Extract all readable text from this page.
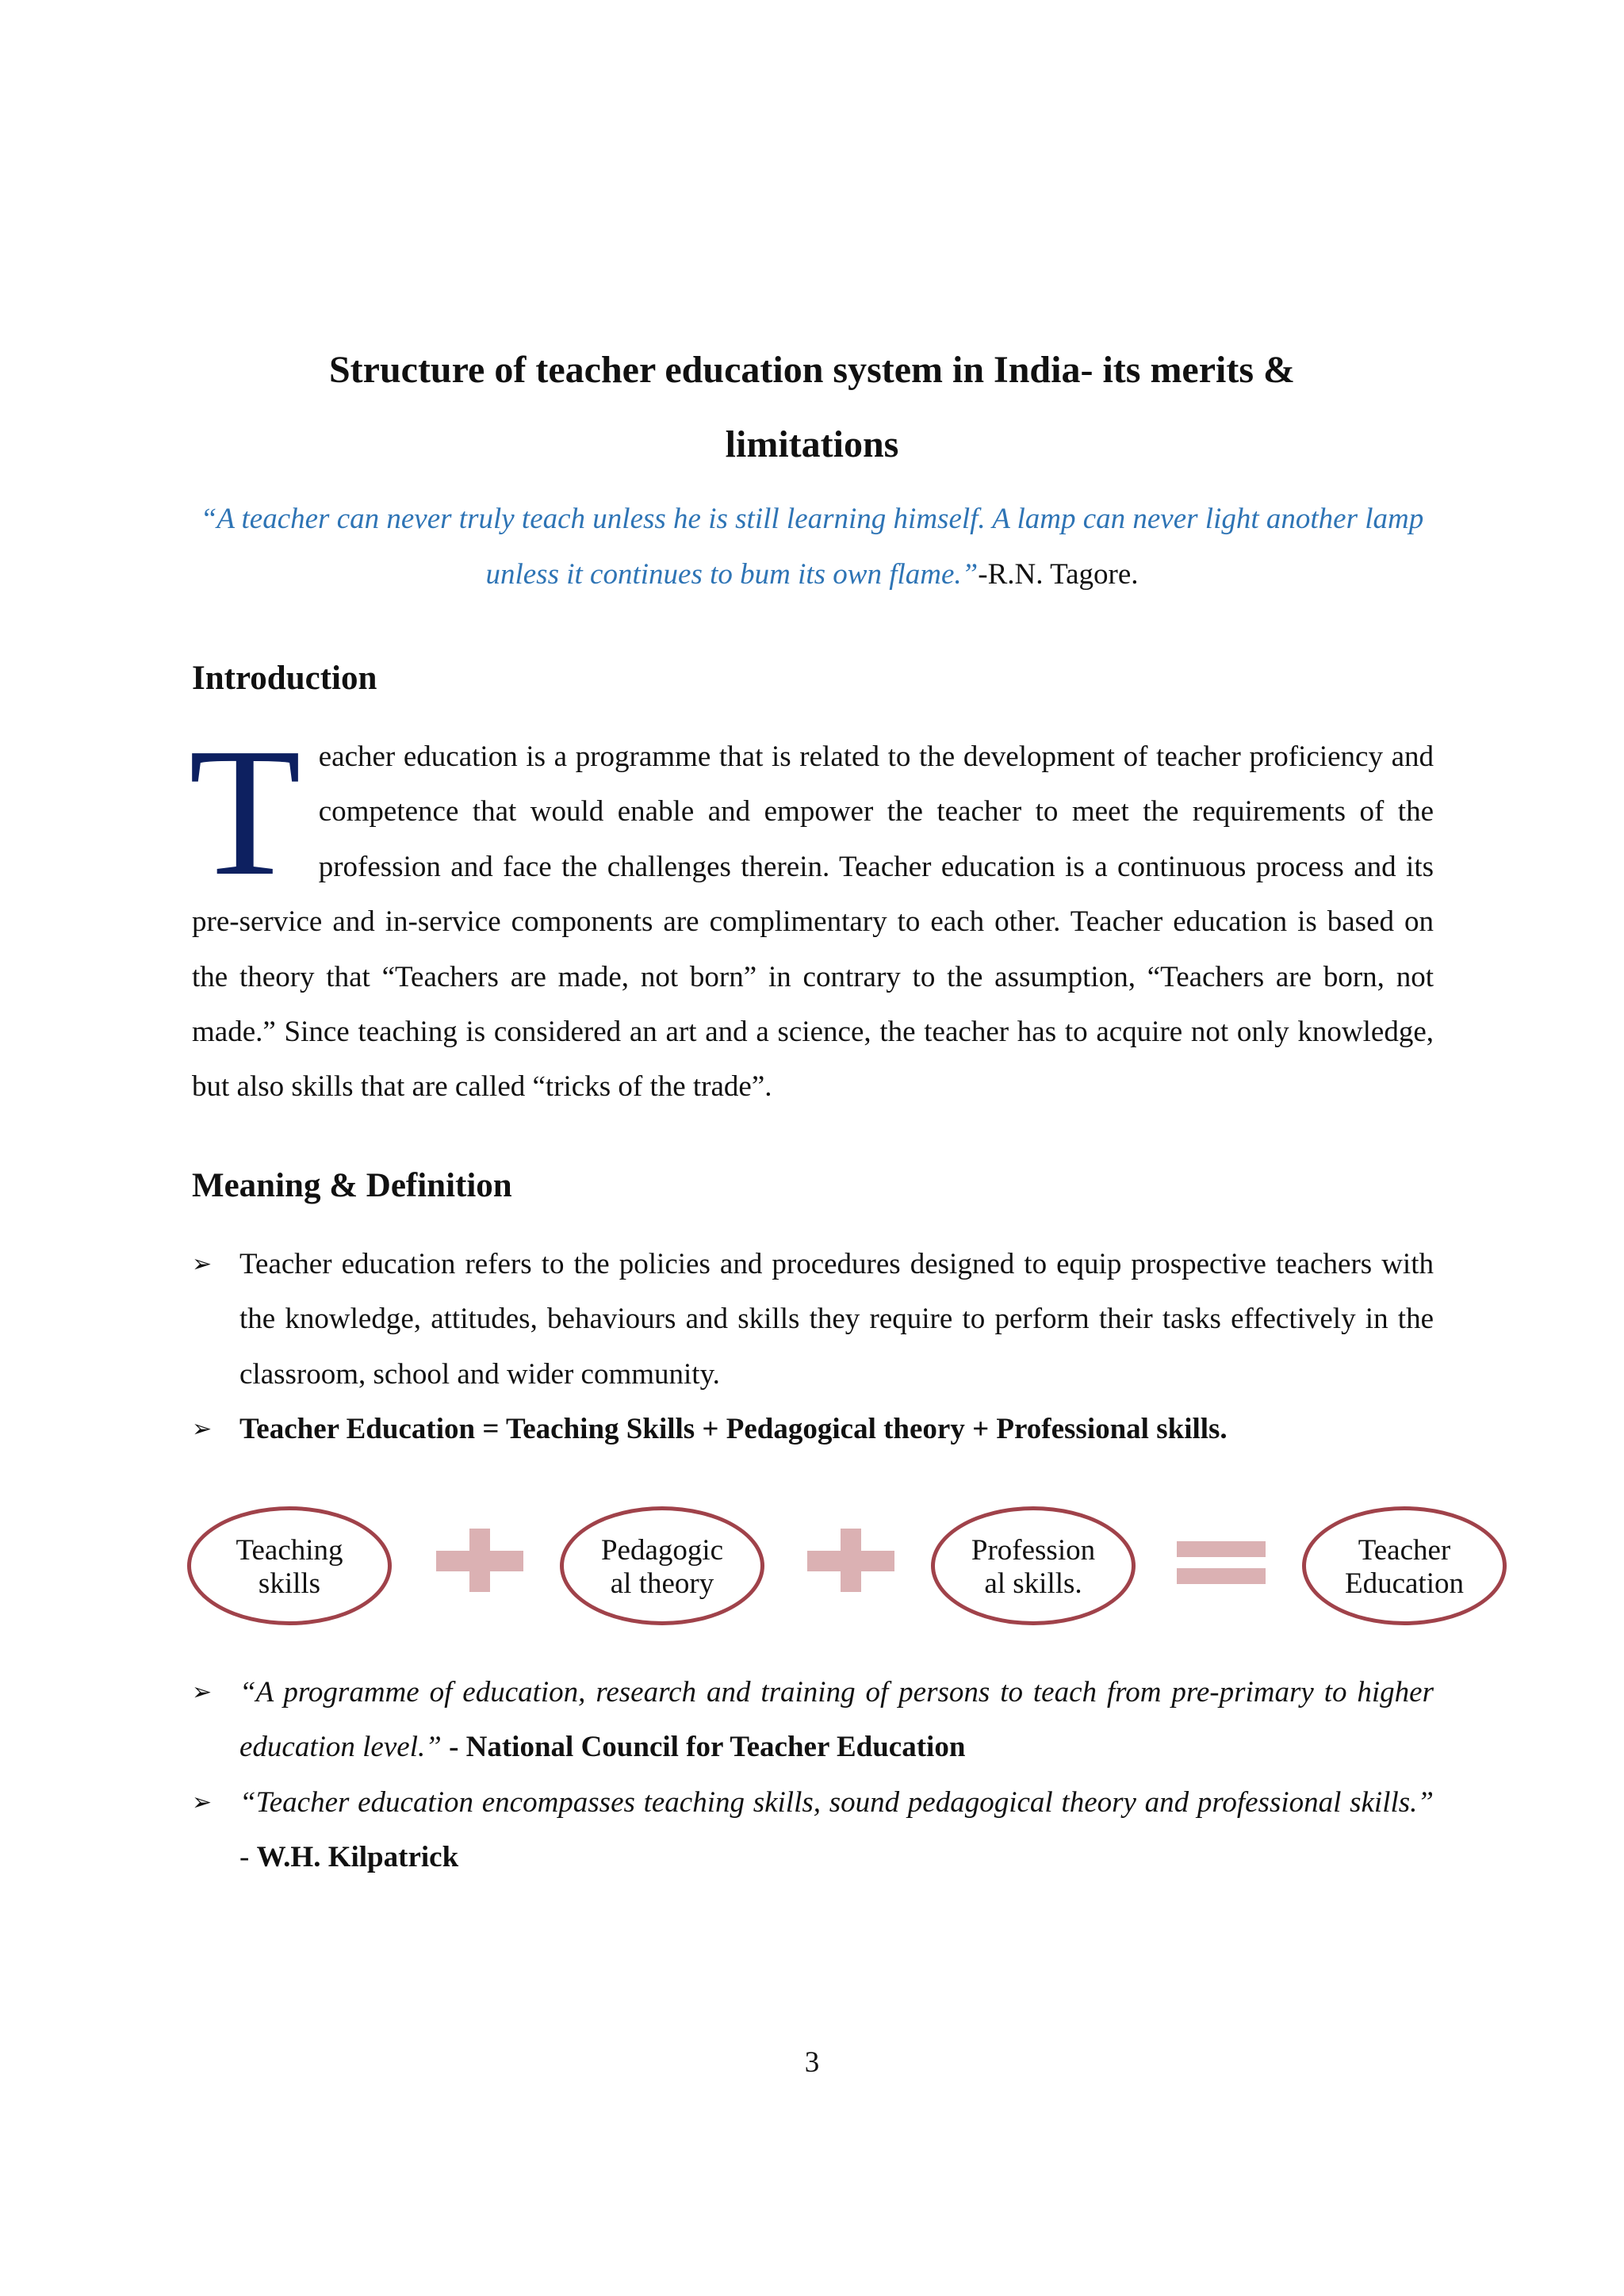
Structure of teacher education system in India- its merits &
limitations

“A teacher can never truly teach unless he is still learning himself. A lamp can never light another lamp unless it continues to bum its own flame.”-R.N. Tagore.

Introduction

Teacher education is a programme that is related to the development of teacher proficiency and competence that would enable and empower the teacher to meet the requirements of the profession and face the challenges therein. Teacher education is a continuous process and its pre-service and in-service components are complimentary to each other. Teacher education is based on the theory that “Teachers are made, not born” in contrary to the assumption, “Teachers are born, not made.” Since teaching is considered an art and a science, the teacher has to acquire not only knowledge, but also skills that are called “tricks of the trade”.

Meaning & Definition
➢ Teacher education refers to the policies and procedures designed to equip prospective teachers with the knowledge, attitudes, behaviours and skills they require to perform their tasks effectively in the classroom, school and wider community.
➢ Teacher Education = Teaching Skills + Pedagogical theory + Professional skills.
Teaching
skills
Pedagogic
al theory
Profession
al skills.
Teacher
Education
➢ “A programme of education, research and training of persons to teach from pre-primary to higher education level.” - National Council for Teacher Education
➢ “Teacher education encompasses teaching skills, sound pedagogical theory and professional skills.” - W.H. Kilpatrick

3
